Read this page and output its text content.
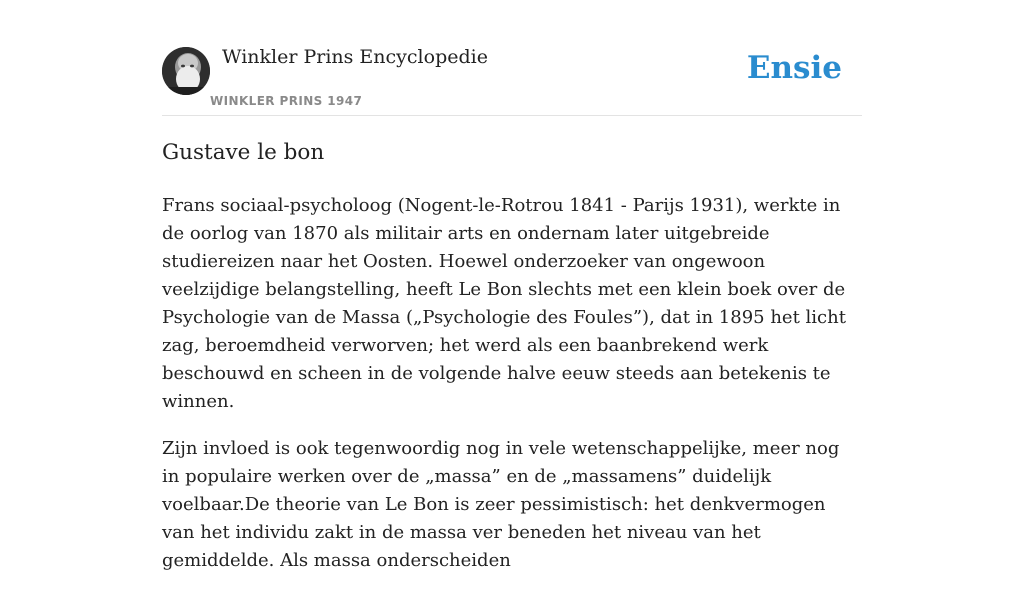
Winkler Prins Encyclopedie
WINKLER PRINS 1947
Ensie
Gustave le bon

Frans sociaal-psycholoog (Nogent-le-Rotrou 1841 - Parijs 1931), werkte in de oorlog van 1870 als militair arts en ondernam later uitgebreide studiereizen naar het Oosten. Hoewel onderzoeker van ongewoon veelzijdige belangstelling, heeft Le Bon slechts met een klein boek over de Psychologie van de Massa („Psychologie des Foules”), dat in 1895 het licht zag, beroemdheid verworven; het werd als een baanbrekend werk beschouwd en scheen in de volgende halve eeuw steeds aan betekenis te winnen.

Zijn invloed is ook tegenwoordig nog in vele wetenschappelijke, meer nog in populaire werken over de „massa” en de „massamens” duidelijk voelbaar.De theorie van Le Bon is zeer pessimistisch: het denkvermogen van het individu zakt in de massa ver beneden het niveau van het gemiddelde. Als massa onderscheiden
